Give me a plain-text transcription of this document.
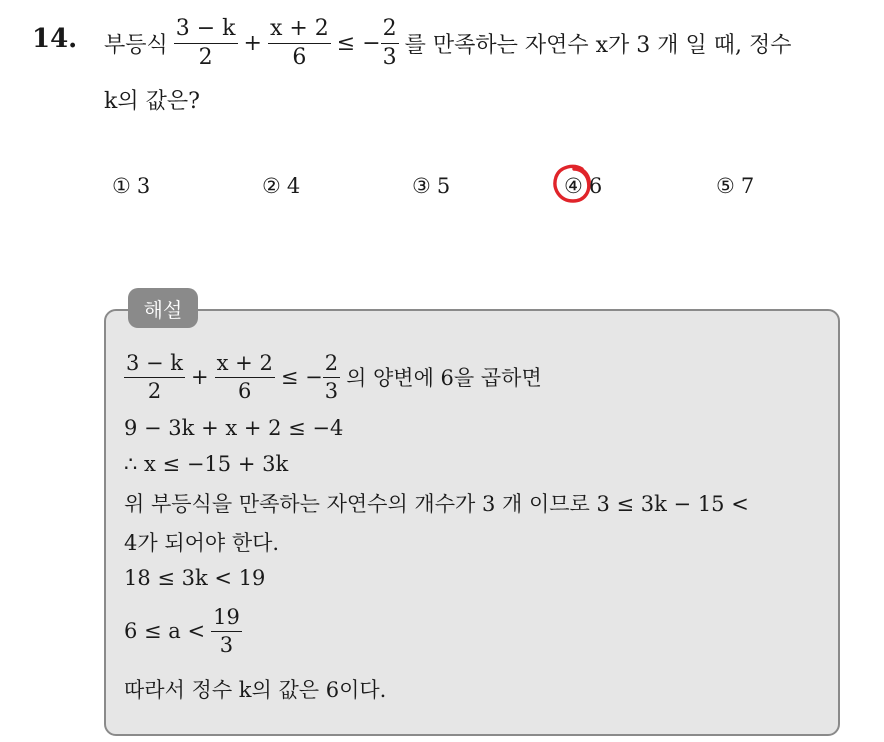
14. 부등식 $\frac{3 - k}{2} + \frac{x + 2}{6}$ ≤ − $\frac{2}{3}$ 를 만족하는 자연수 x가 3 개 일 때, 정수
k의 값은?
① 3	② 4	③ 5	④ 6	⑤ 7
해설
$\frac{3 - k}{2} + \frac{x + 2}{6}$ ≤ − $\frac{2}{3}$ 의 양변에 6을 곱하면
9 − 3k + x + 2 ≤ −4
∴ x ≤ −15 + 3k
위 부등식을 만족하는 자연수의 개수가 3 개 이므로 3 ≤ 3k − 15 <
4가 되어야 한다.
18 ≤ 3k < 19
$6 \le a < \frac{19}{3}$
따라서 정수 k의 값은 6이다.
